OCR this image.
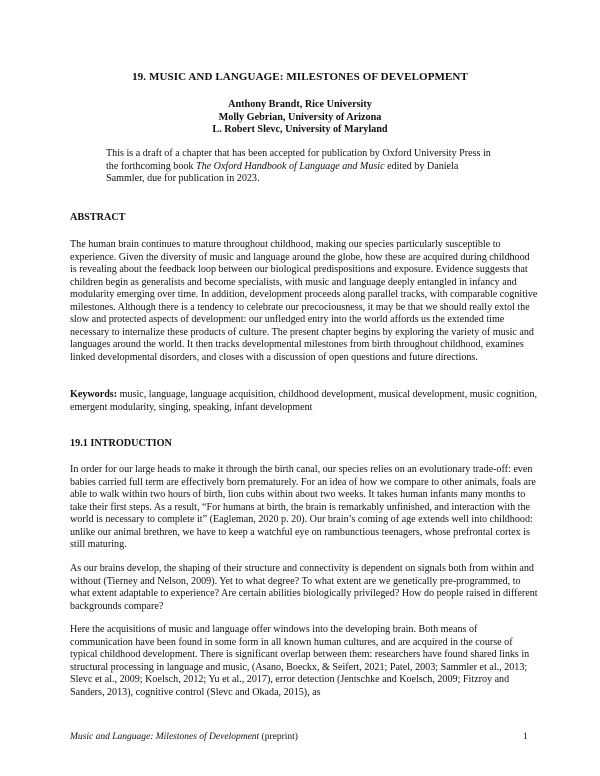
19. MUSIC AND LANGUAGE: MILESTONES OF DEVELOPMENT
Anthony Brandt, Rice University
Molly Gebrian, University of Arizona
L. Robert Slevc, University of Maryland
This is a draft of a chapter that has been accepted for publication by Oxford University Press in the forthcoming book The Oxford Handbook of Language and Music edited by Daniela Sammler, due for publication in 2023.
ABSTRACT
The human brain continues to mature throughout childhood, making our species particularly susceptible to experience. Given the diversity of music and language around the globe, how these are acquired during childhood is revealing about the feedback loop between our biological predispositions and exposure. Evidence suggests that children begin as generalists and become specialists, with music and language deeply entangled in infancy and modularity emerging over time. In addition, development proceeds along parallel tracks, with comparable cognitive milestones. Although there is a tendency to celebrate our precociousness, it may be that we should really extol the slow and protected aspects of development: our unfledged entry into the world affords us the extended time necessary to internalize these products of culture. The present chapter begins by exploring the variety of music and languages around the world. It then tracks developmental milestones from birth throughout childhood, examines linked developmental disorders, and closes with a discussion of open questions and future directions.
Keywords: music, language, language acquisition, childhood development, musical development, music cognition, emergent modularity, singing, speaking, infant development
19.1 INTRODUCTION
In order for our large heads to make it through the birth canal, our species relies on an evolutionary trade-off: even babies carried full term are effectively born prematurely. For an idea of how we compare to other animals, foals are able to walk within two hours of birth, lion cubs within about two weeks. It takes human infants many months to take their first steps. As a result, “For humans at birth, the brain is remarkably unfinished, and interaction with the world is necessary to complete it” (Eagleman, 2020 p. 20). Our brain’s coming of age extends well into childhood: unlike our animal brethren, we have to keep a watchful eye on rambunctious teenagers, whose prefrontal cortex is still maturing.
As our brains develop, the shaping of their structure and connectivity is dependent on signals both from within and without (Tierney and Nelson, 2009). Yet to what degree? To what extent are we genetically pre-programmed, to what extent adaptable to experience? Are certain abilities biologically privileged? How do people raised in different backgrounds compare?
Here the acquisitions of music and language offer windows into the developing brain. Both means of communication have been found in some form in all known human cultures, and are acquired in the course of typical childhood development. There is significant overlap between them: researchers have found shared links in structural processing in language and music, (Asano, Boeckx, & Seifert, 2021; Patel, 2003; Sammler et al., 2013; Slevc et al., 2009; Koelsch, 2012; Yu et al., 2017), error detection (Jentschke and Koelsch, 2009; Fitzroy and Sanders, 2013), cognitive control (Slevc and Okada, 2015), as
Music and Language: Milestones of Development (preprint)	1
